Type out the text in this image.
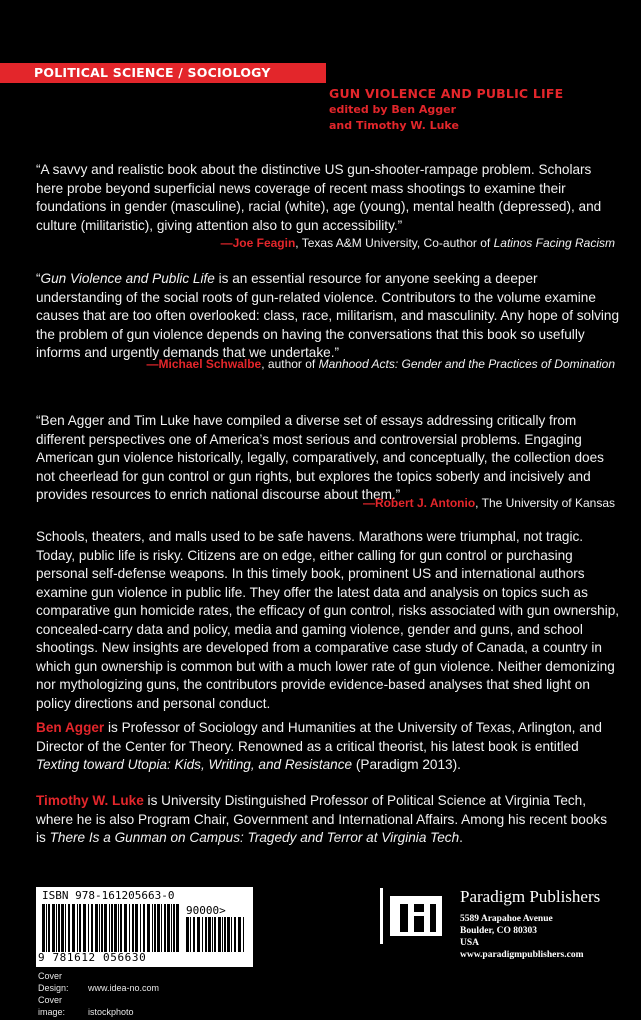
POLITICAL SCIENCE / SOCIOLOGY
GUN VIOLENCE AND PUBLIC LIFE
edited by Ben Agger
and Timothy W. Luke
“A savvy and realistic book about the distinctive US gun-shooter-rampage problem. Scholars here probe beyond superficial news coverage of recent mass shootings to examine their foundations in gender (masculine), racial (white), age (young), mental health (depressed), and culture (militaristic), giving attention also to gun accessibility.”
—Joe Feagin, Texas A&M University, Co-author of Latinos Facing Racism
“Gun Violence and Public Life is an essential resource for anyone seeking a deeper understanding of the social roots of gun-related violence. Contributors to the volume examine causes that are too often overlooked: class, race, militarism, and masculinity. Any hope of solving the problem of gun violence depends on having the conversations that this book so usefully informs and urgently demands that we undertake.”
—Michael Schwalbe, author of Manhood Acts: Gender and the Practices of Domination
“Ben Agger and Tim Luke have compiled a diverse set of essays addressing critically from different perspectives one of America’s most serious and controversial problems. Engaging American gun violence historically, legally, comparatively, and conceptually, the collection does not cheerlead for gun control or gun rights, but explores the topics soberly and incisively and provides resources to enrich national discourse about them.”
—Robert J. Antonio, The University of Kansas
Schools, theaters, and malls used to be safe havens. Marathons were triumphal, not tragic. Today, public life is risky. Citizens are on edge, either calling for gun control or purchasing personal self-defense weapons. In this timely book, prominent US and international authors examine gun violence in public life. They offer the latest data and analysis on topics such as comparative gun homicide rates, the efficacy of gun control, risks associated with gun ownership, concealed-carry data and policy, media and gaming violence, gender and guns, and school shootings. New insights are developed from a comparative case study of Canada, a country in which gun ownership is common but with a much lower rate of gun violence. Neither demonizing nor mythologizing guns, the contributors provide evidence-based analyses that shed light on policy directions and personal conduct.
Ben Agger is Professor of Sociology and Humanities at the University of Texas, Arlington, and Director of the Center for Theory. Renowned as a critical theorist, his latest book is entitled Texting toward Utopia: Kids, Writing, and Resistance (Paradigm 2013).
Timothy W. Luke is University Distinguished Professor of Political Science at Virginia Tech, where he is also Program Chair, Government and International Affairs. Among his recent books is There Is a Gunman on Campus: Tragedy and Terror at Virginia Tech.
ISBN 978-161205663-0
90000>
9 781612 056630
Cover Design: www.idea-no.com
Cover image:	istockphoto
Paradigm Publishers
5589 Arapahoe Avenue
Boulder, CO 80303
USA
www.paradigmpublishers.com
